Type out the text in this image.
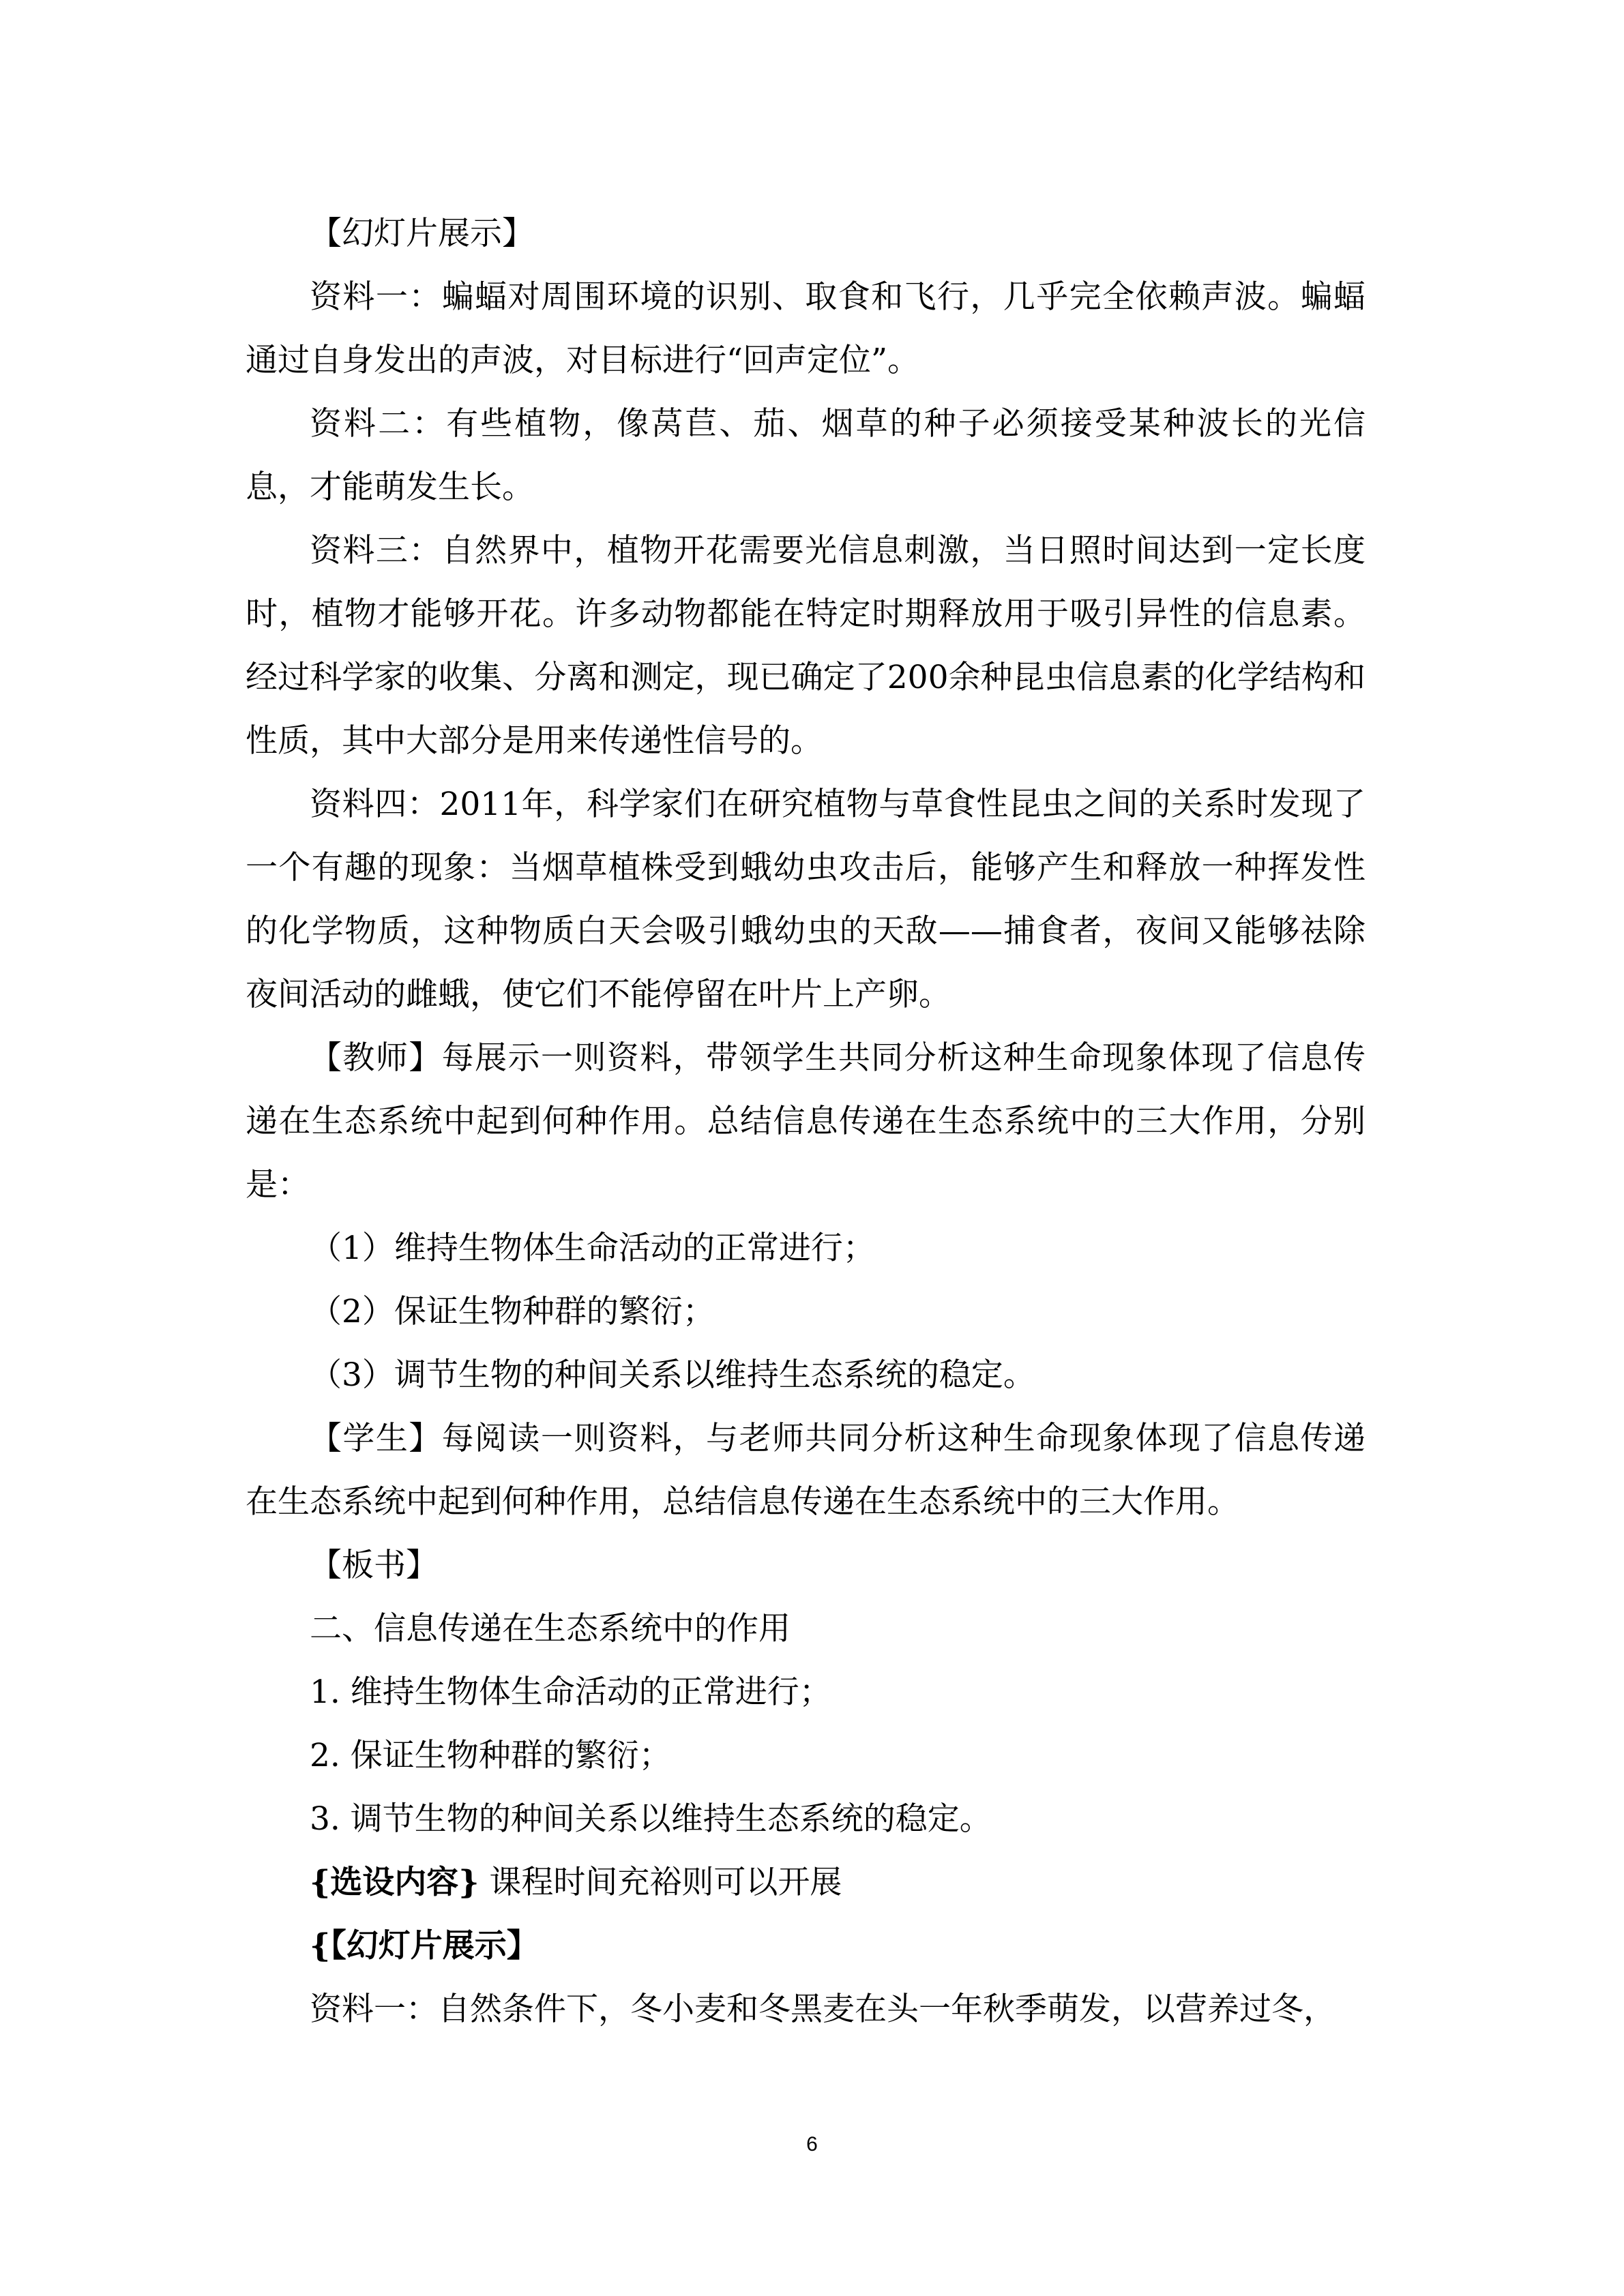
【幻灯片展示】

资料一：蝙蝠对周围环境的识别、取食和飞行，几乎完全依赖声波。蝙蝠通过自身发出的声波，对目标进行“回声定位”。

资料二：有些植物，像莴苣、茄、烟草的种子必须接受某种波长的光信息，才能萌发生长。

资料三：自然界中，植物开花需要光信息刺激，当日照时间达到一定长度时，植物才能够开花。许多动物都能在特定时期释放用于吸引异性的信息素。经过科学家的收集、分离和测定，现已确定了200余种昆虫信息素的化学结构和性质，其中大部分是用来传递性信号的。

资料四：2011年，科学家们在研究植物与草食性昆虫之间的关系时发现了一个有趣的现象：当烟草植株受到蛾幼虫攻击后，能够产生和释放一种挥发性的化学物质，这种物质白天会吸引蛾幼虫的天敌——捕食者，夜间又能够祛除夜间活动的雌蛾，使它们不能停留在叶片上产卵。

【教师】每展示一则资料，带领学生共同分析这种生命现象体现了信息传递在生态系统中起到何种作用。总结信息传递在生态系统中的三大作用，分别是：

（1）维持生物体生命活动的正常进行；

（2）保证生物种群的繁衍；

（3）调节生物的种间关系以维持生态系统的稳定。

【学生】每阅读一则资料，与老师共同分析这种生命现象体现了信息传递在生态系统中起到何种作用，总结信息传递在生态系统中的三大作用。

【板书】

二、信息传递在生态系统中的作用

1. 维持生物体生命活动的正常进行；

2. 保证生物种群的繁衍；

3. 调节生物的种间关系以维持生态系统的稳定。

{选设内容} 课程时间充裕则可以开展

{【幻灯片展示】

资料一：自然条件下，冬小麦和冬黑麦在头一年秋季萌发，以营养过冬，

6
